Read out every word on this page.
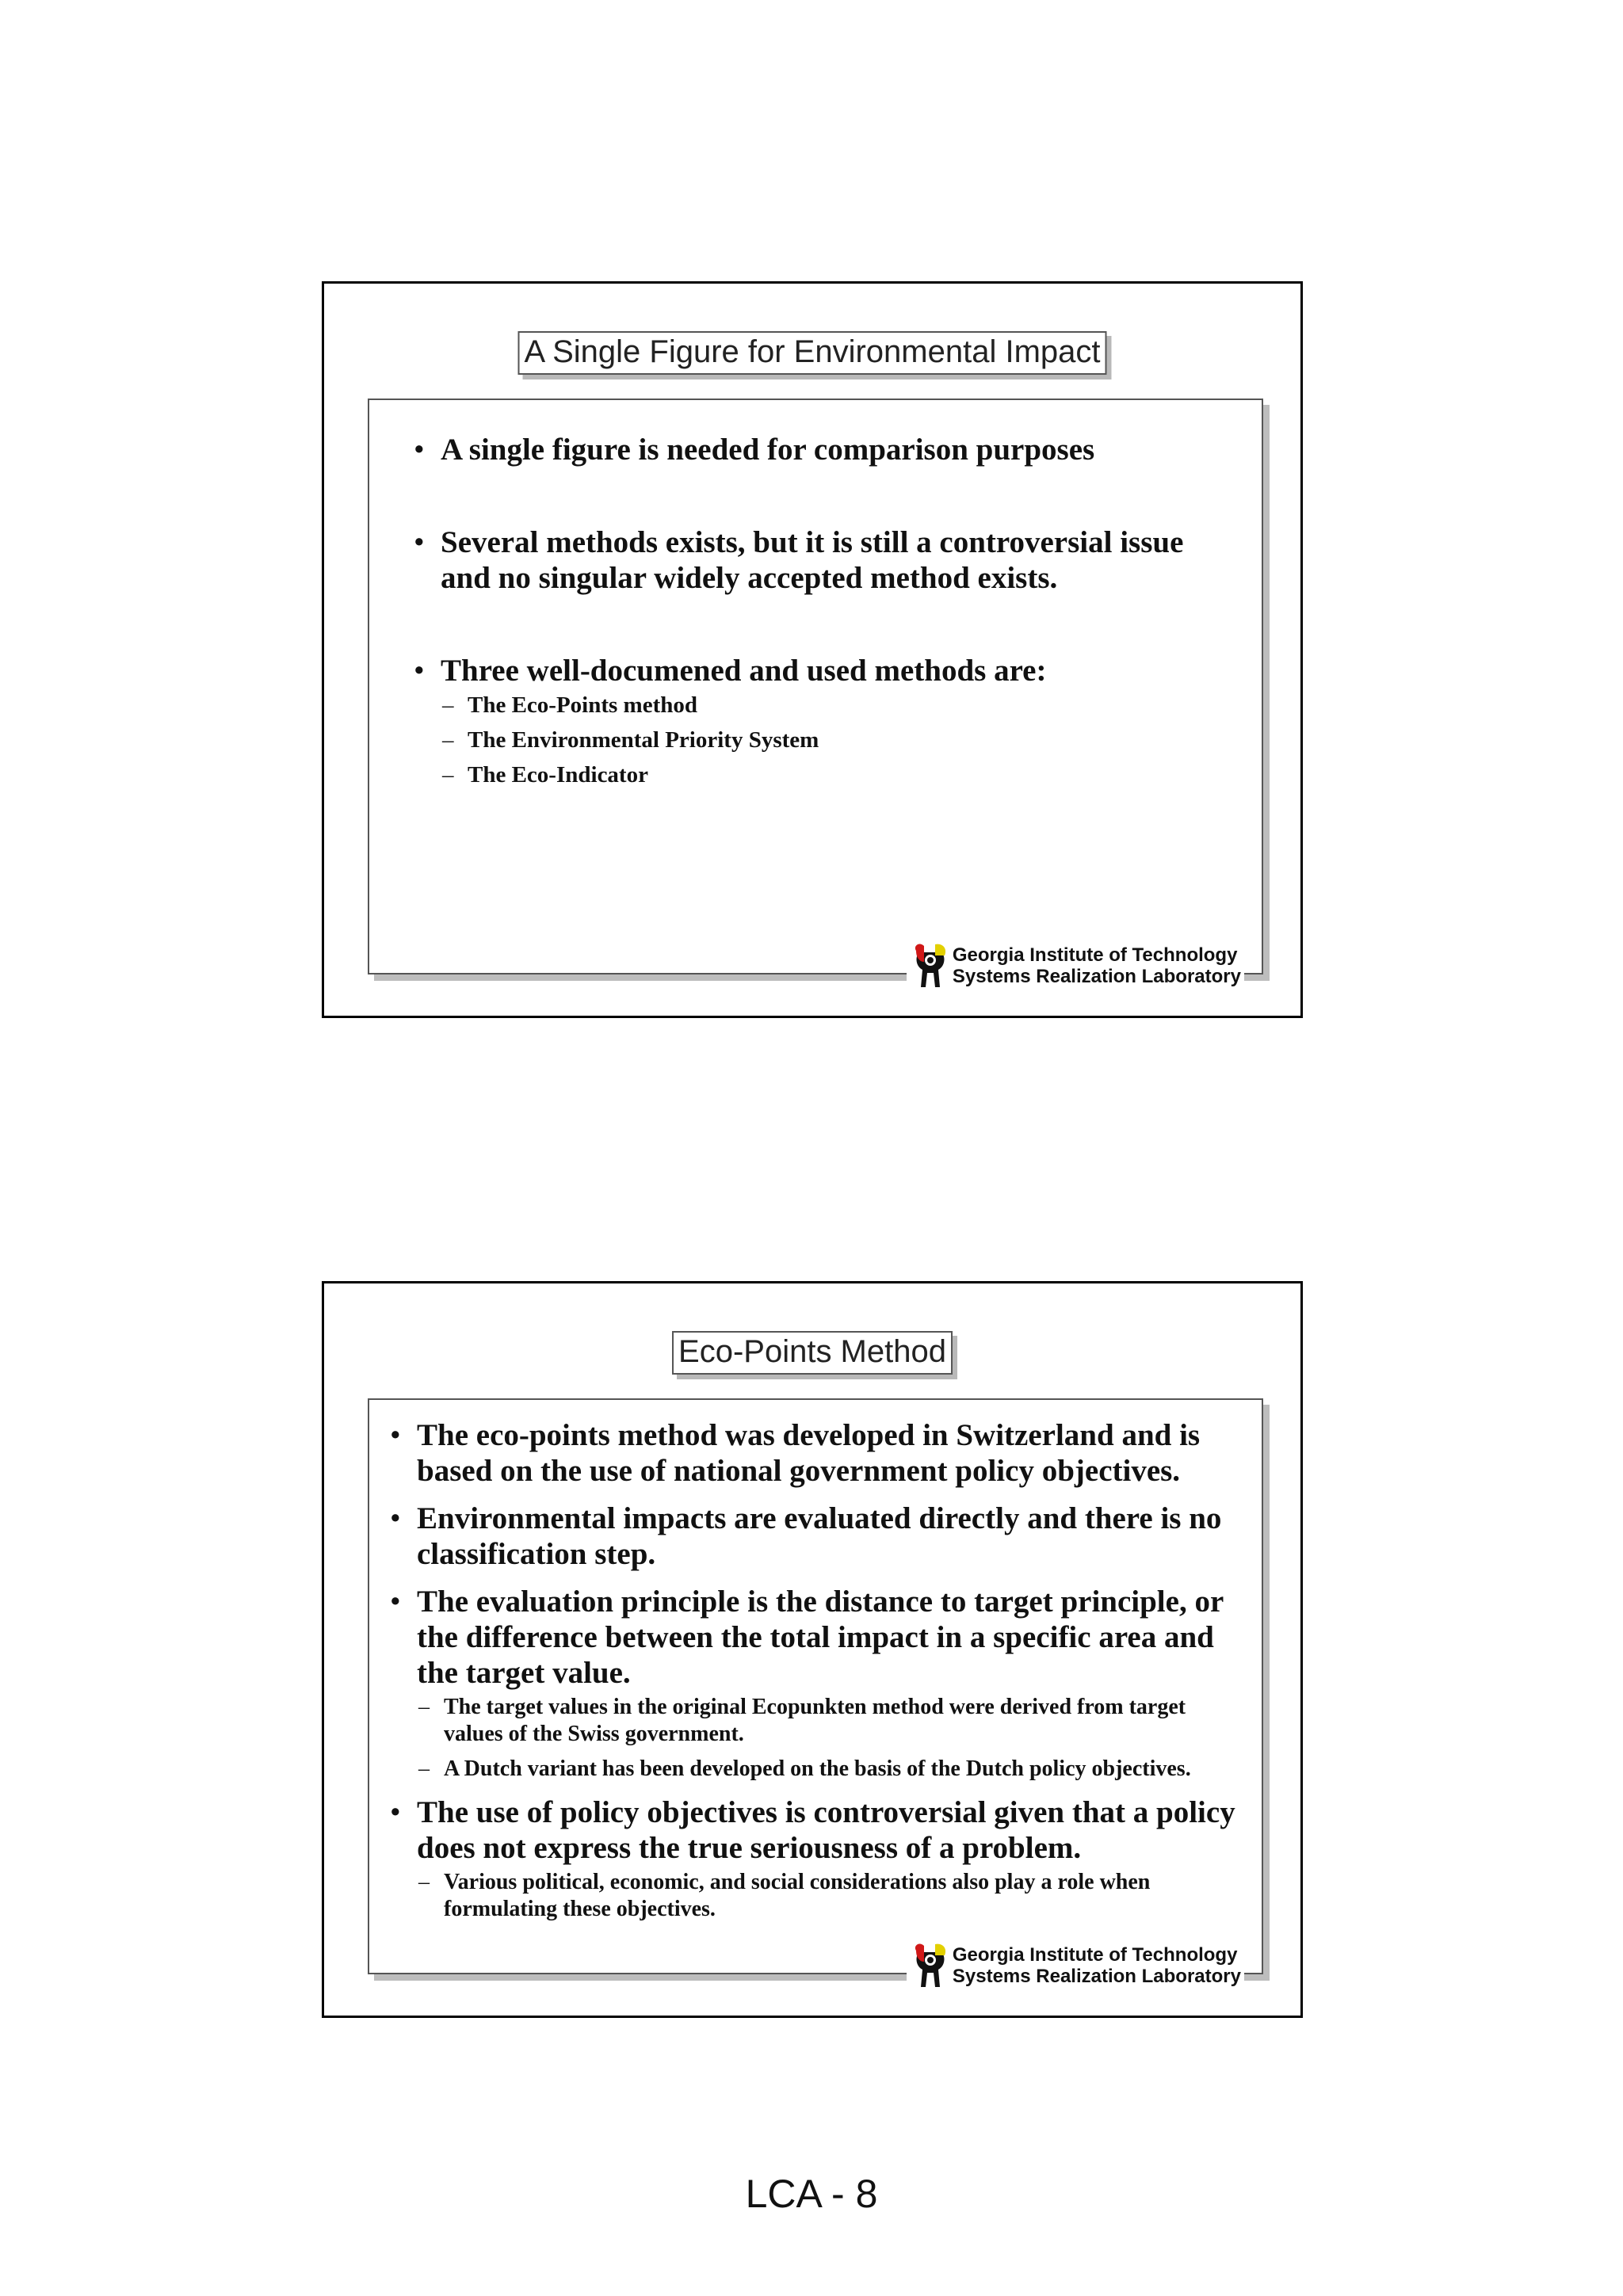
A Single Figure for Environmental Impact
• A single figure is needed for comparison purposes
• Several methods exists, but it is still a controversial issue and no singular widely accepted method exists.
• Three well-documened and used methods are:
– The Eco-Points method
– The Environmental Priority System
– The Eco-Indicator
Georgia Institute of Technology
Systems Realization Laboratory
Eco-Points Method
• The eco-points method was developed in Switzerland and is based on the use of national government policy objectives.
• Environmental impacts are evaluated directly and there is no classification step.
• The evaluation principle is the distance to target principle, or the difference between the total impact in a specific area and the target value.
– The target values in the original Ecopunkten method were derived from target values of the Swiss government.
– A Dutch variant has been developed on the basis of the Dutch policy objectives.
• The use of policy objectives is controversial given that a policy does not express the true seriousness of a problem.
– Various political, economic, and social considerations also play a role when formulating these objectives.
Georgia Institute of Technology
Systems Realization Laboratory
LCA - 8
